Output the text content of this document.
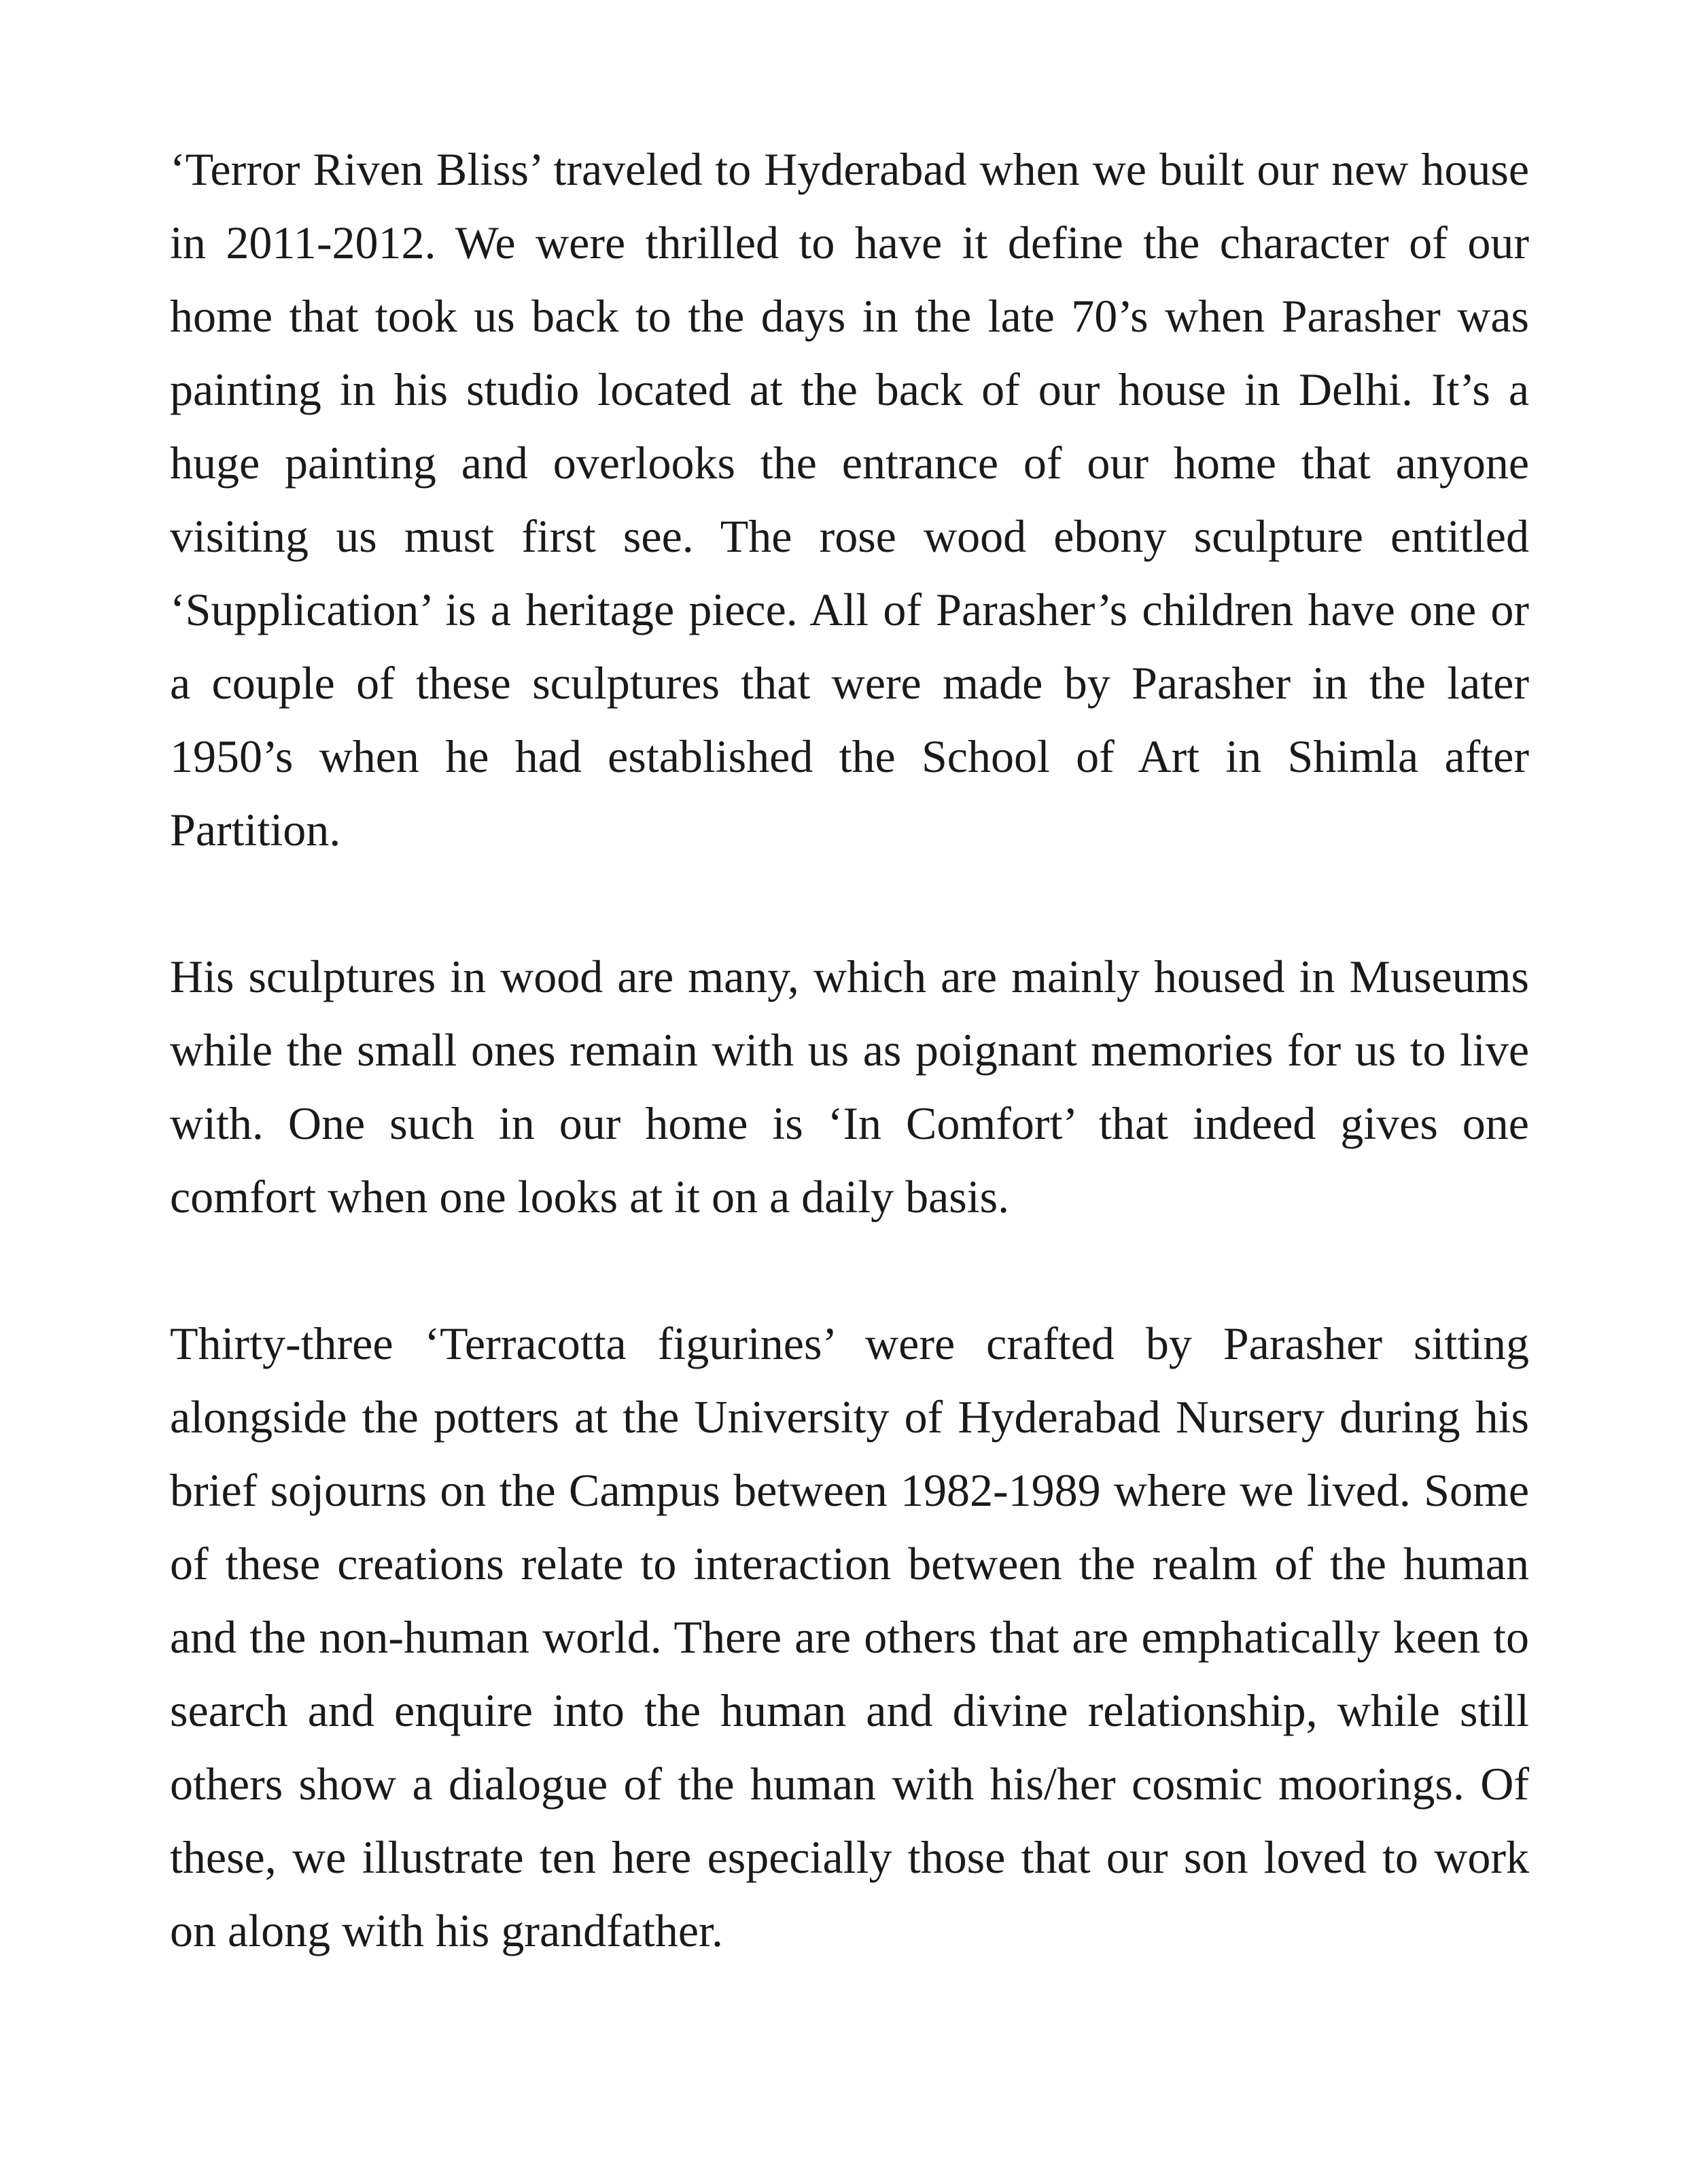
‘Terror Riven Bliss’ traveled to Hyderabad when we built our new house in 2011-2012. We were thrilled to have it define the character of our home that took us back to the days in the late 70’s when Parasher was painting in his studio located at the back of our house in Delhi. It’s a huge painting and overlooks the entrance of our home that anyone visiting us must first see. The rose wood ebony sculpture entitled ‘Supplication’ is a heritage piece. All of Parasher’s children have one or a couple of these sculptures that were made by Parasher in the later 1950’s when he had established the School of Art in Shimla after Partition.

His sculptures in wood are many, which are mainly housed in Museums while the small ones remain with us as poignant memories for us to live with. One such in our home is ‘In Comfort’ that indeed gives one comfort when one looks at it on a daily basis.

Thirty-three ‘Terracotta figurines’ were crafted by Parasher sitting alongside the potters at the University of Hyderabad Nursery during his brief sojourns on the Campus between 1982-1989 where we lived. Some of these creations relate to interaction between the realm of the human and the non-human world. There are others that are emphatically keen to search and enquire into the human and divine relationship, while still others show a dialogue of the human with his/her cosmic moorings. Of these, we illustrate ten here especially those that our son loved to work on along with his grandfather.
